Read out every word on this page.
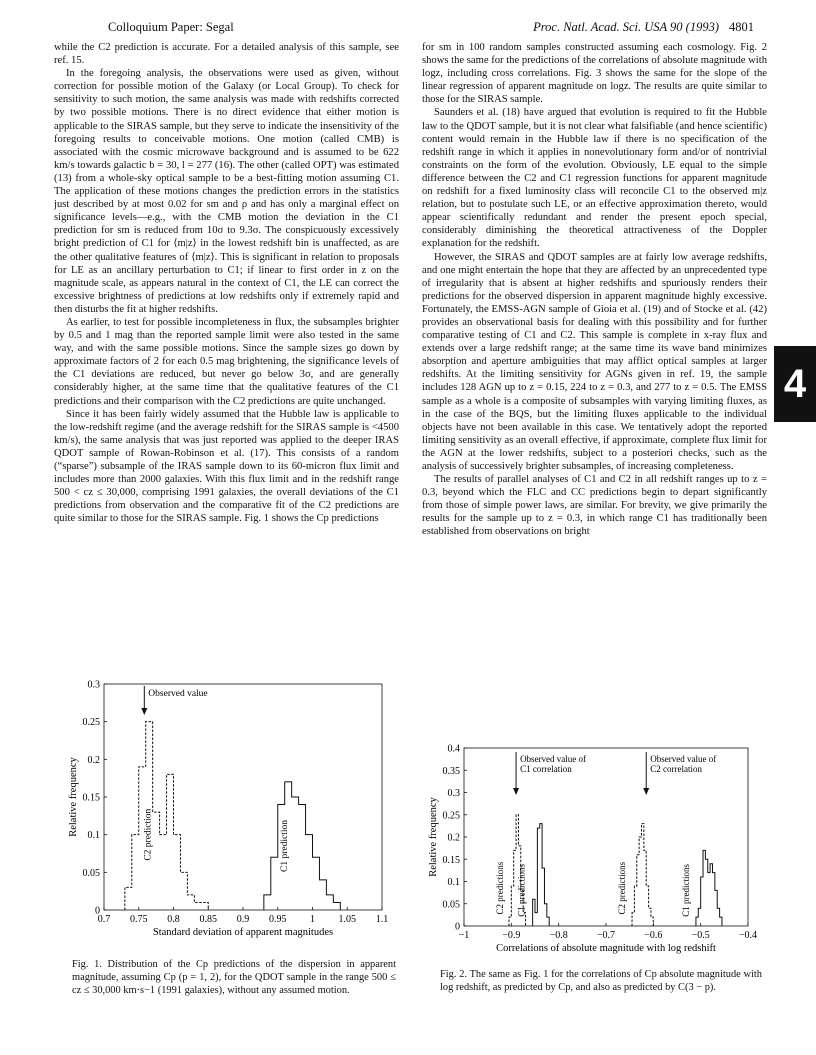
Colloquium Paper: Segal	Proc. Natl. Acad. Sci. USA 90 (1993) 4801

while the C2 prediction is accurate. For a detailed analysis of this sample, see ref. 15.

In the foregoing analysis, the observations were used as given, without correction for possible motion of the Galaxy (or Local Group). To check for sensitivity to such motion, the same analysis was made with redshifts corrected by two possible motions. There is no direct evidence that either motion is applicable to the SIRAS sample, but they serve to indicate the insensitivity of the foregoing results to conceivable motions. One motion (called CMB) is associated with the cosmic microwave background and is assumed to be 622 km/s towards galactic b = 30, l = 277 (16). The other (called OPT) was estimated (13) from a whole-sky optical sample to be a best-fitting motion assuming C1. The application of these motions changes the prediction errors in the statistics just described by at most 0.02 for sm and ρ and has only a marginal effect on significance levels—e.g., with the CMB motion the deviation in the C1 prediction for sm is reduced from 10σ to 9.3σ. The conspicuously excessively bright prediction of C1 for ⟨m|z⟩ in the lowest redshift bin is unaffected, as are the other qualitative features of ⟨m|z⟩. This is significant in relation to proposals for LE as an ancillary perturbation to C1; if linear to first order in z on the magnitude scale, as appears natural in the context of C1, the LE can correct the excessive brightness of predictions at low redshifts only if extremely rapid and then disturbs the fit at higher redshifts.

As earlier, to test for possible incompleteness in flux, the subsamples brighter by 0.5 and 1 mag than the reported sample limit were also tested in the same way, and with the same possible motions. Since the sample sizes go down by approximate factors of 2 for each 0.5 mag brightening, the significance levels of the C1 deviations are reduced, but never go below 3σ, and are generally considerably higher, at the same time that the qualitative features of the C1 predictions and their comparison with the C2 predictions are quite unchanged.

Since it has been fairly widely assumed that the Hubble law is applicable to the low-redshift regime (and the average redshift for the SIRAS sample is <4500 km/s), the same analysis that was just reported was applied to the deeper IRAS QDOT sample of Rowan-Robinson et al. (17). This consists of a random (“sparse”) subsample of the IRAS sample down to its 60-micron flux limit and includes more than 2000 galaxies. With this flux limit and in the redshift range 500 < cz ≤ 30,000, comprising 1991 galaxies, the overall deviations of the C1 predictions from observation and the comparative fit of the C2 predictions are quite similar to those for the SIRAS sample. Fig. 1 shows the Cp predictions

for sm in 100 random samples constructed assuming each cosmology. Fig. 2 shows the same for the predictions of the correlations of absolute magnitude with logz, including cross correlations. Fig. 3 shows the same for the slope of the linear regression of apparent magnitude on logz. The results are quite similar to those for the SIRAS sample.

Saunders et al. (18) have argued that evolution is required to fit the Hubble law to the QDOT sample, but it is not clear what falsifiable (and hence scientific) content would remain in the Hubble law if there is no specification of the redshift range in which it applies in nonevolutionary form and/or of nontrivial constraints on the form of the evolution. Obviously, LE equal to the simple difference between the C2 and C1 regression functions for apparent magnitude on redshift for a fixed luminosity class will reconcile C1 to the observed m|z relation, but to postulate such LE, or an effective approximation thereto, would appear scientifically redundant and render the present epoch special, considerably diminishing the theoretical attractiveness of the Doppler explanation for the redshift.

However, the SIRAS and QDOT samples are at fairly low average redshifts, and one might entertain the hope that they are affected by an unprecedented type of irregularity that is absent at higher redshifts and spuriously renders their predictions for the observed dispersion in apparent magnitude highly excessive. Fortunately, the EMSS-AGN sample of Gioia et al. (19) and of Stocke et al. (42) provides an observational basis for dealing with this possibility and for further comparative testing of C1 and C2. This sample is complete in x-ray flux and extends over a large redshift range; at the same time its wave band minimizes absorption and aperture ambiguities that may afflict optical samples at larger redshifts. At the limiting sensitivity for AGNs given in ref. 19, the sample includes 128 AGN up to z = 0.15, 224 to z = 0.3, and 277 to z = 0.5. The EMSS sample as a whole is a composite of subsamples with varying limiting fluxes, as in the case of the BQS, but the limiting fluxes applicable to the individual objects have not been available in this case. We tentatively adopt the reported limiting sensitivity as an overall effective, if approximate, complete flux limit for the AGN at the lower redshifts, subject to a posteriori checks, such as the analysis of successively brighter subsamples, of increasing completeness.

The results of parallel analyses of C1 and C2 in all redshift ranges up to z = 0.3, beyond which the FLC and CC predictions begin to depart significantly from those of simple power laws, are similar. For brevity, we give primarily the results for the sample up to z = 0.3, in which range C1 has traditionally been established from observations on bright

4
0.7 0.75 0.8 0.85 0.9 0.95 1 1.05 1.1
0
0.05
0.1
0.15
0.2
0.25
0.3
Standard deviation of apparent magnitudes
Relative frequency
Observed value
C2 prediction	C1 prediction
Fig. 1. Distribution of the Cp predictions of the dispersion in apparent magnitude, assuming Cp (p = 1, 2), for the QDOT sample in the range 500 ≤ cz ≤ 30,000 km·s−1 (1991 galaxies), without any assumed motion.
−1	−0.9	−0.8	−0.7	−0.6	−0.5	−0.4
0
0.05
0.1
0.15
0.2
0.25
0.3
0.35
0.4
Correlations of absolute magnitude with log redshift
Relative frequency
Observed value of
C1 correlation
Observed value of
C2 correlation
C2 predictions C1 predictions	C2 predictions	C1 predictions
Fig. 2. The same as Fig. 1 for the correlations of Cp absolute magnitude with log redshift, as predicted by Cp, and also as predicted by C(3 − p).
